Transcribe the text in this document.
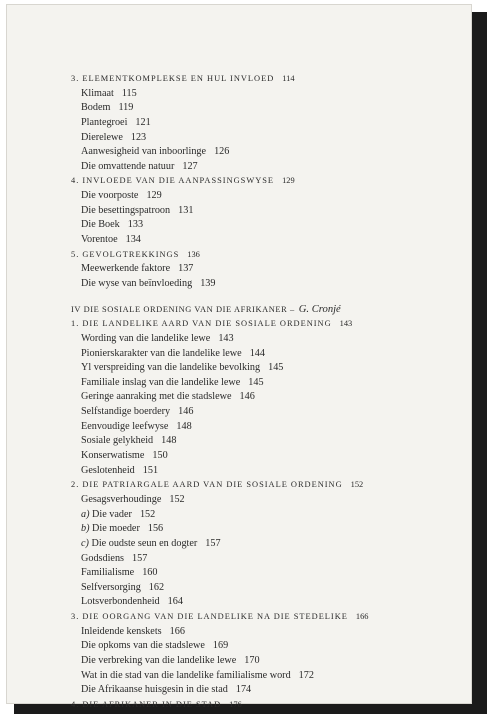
3. ELEMENTKOMPLEKSE EN HUL INVLOED 114
Klimaat 115
Bodem 119
Plantegroei 121
Dierelewe 123
Aanwesigheid van inboorlinge 126
Die omvattende natuur 127
4. INVLOEDE VAN DIE AANPASSINGSWYSE 129
Die voorposte 129
Die besettingspatroon 131
Die Boek 133
Vorentoe 134
5. GEVOLGTREKKINGS 136
Meewerkende faktore 137
Die wyse van beïnvloeding 139
IV DIE SOSIALE ORDENING VAN DIE AFRIKANER – G. Cronjé
1. DIE LANDELIKE AARD VAN DIE SOSIALE ORDENING 143
Wording van die landelike lewe 143
Pionierskarakter van die landelike lewe 144
Yl verspreiding van die landelike bevolking 145
Familiale inslag van die landelike lewe 145
Geringe aanraking met die stadslewe 146
Selfstandige boerdery 146
Eenvoudige leefwyse 148
Sosiale gelykheid 148
Konserwatisme 150
Geslotenheid 151
2. DIE PATRIARGALE AARD VAN DIE SOSIALE ORDENING 152
Gesagsverhoudinge 152
a) Die vader 152
b) Die moeder 156
c) Die oudste seun en dogter 157
Godsdiens 157
Familialisme 160
Selfversorging 162
Lotsverbondenheid 164
3. DIE OORGANG VAN DIE LANDELIKE NA DIE STEDELIKE 166
Inleidende kenskets 166
Die opkoms van die stadslewe 169
Die verbreking van die landelike lewe 170
Wat in die stad van die landelike familialisme word 172
Die Afrikaanse huisgesin in die stad 174
4. DIE AFRIKANER IN DIE STAD 176
